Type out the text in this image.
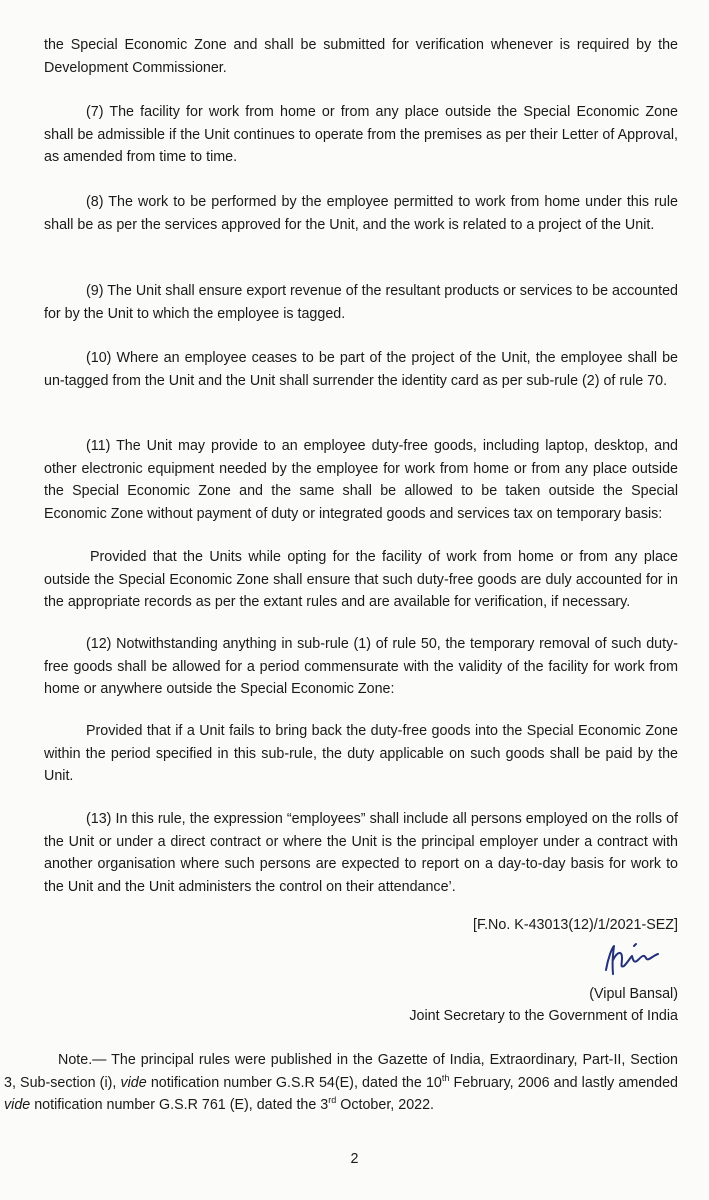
the Special Economic Zone and shall be submitted for verification whenever is required by the Development Commissioner.

(7) The facility for work from home or from any place outside the Special Economic Zone shall be admissible if the Unit continues to operate from the premises as per their Letter of Approval, as amended from time to time.

(8) The work to be performed by the employee permitted to work from home under this rule shall be as per the services approved for the Unit, and the work is related to a project of the Unit.

(9) The Unit shall ensure export revenue of the resultant products or services to be accounted for by the Unit to which the employee is tagged.

(10) Where an employee ceases to be part of the project of the Unit, the employee shall be un-tagged from the Unit and the Unit shall surrender the identity card as per sub-rule (2) of rule 70.

(11) The Unit may provide to an employee duty-free goods, including laptop, desktop, and other electronic equipment needed by the employee for work from home or from any place outside the Special Economic Zone and the same shall be allowed to be taken outside the Special Economic Zone without payment of duty or integrated goods and services tax on temporary basis:

Provided that the Units while opting for the facility of work from home or from any place outside the Special Economic Zone shall ensure that such duty-free goods are duly accounted for in the appropriate records as per the extant rules and are available for verification, if necessary.

(12) Notwithstanding anything in sub-rule (1) of rule 50, the temporary removal of such duty-free goods shall be allowed for a period commensurate with the validity of the facility for work from home or anywhere outside the Special Economic Zone:

Provided that if a Unit fails to bring back the duty-free goods into the Special Economic Zone within the period specified in this sub-rule, the duty applicable on such goods shall be paid by the Unit.

(13) In this rule, the expression “employees” shall include all persons employed on the rolls of the Unit or under a direct contract or where the Unit is the principal employer under a contract with another organisation where such persons are expected to report on a day-to-day basis for work to the Unit and the Unit administers the control on their attendance’.

[F.No. K-43013(12)/1/2021-SEZ]
(Vipul Bansal)
Joint Secretary to the Government of India

Note.— The principal rules were published in the Gazette of India, Extraordinary, Part-II, Section 3, Sub-section (i), vide notification number G.S.R 54(E), dated the 10th February, 2006 and lastly amended vide notification number G.S.R 761 (E), dated the 3rd October, 2022.

2
